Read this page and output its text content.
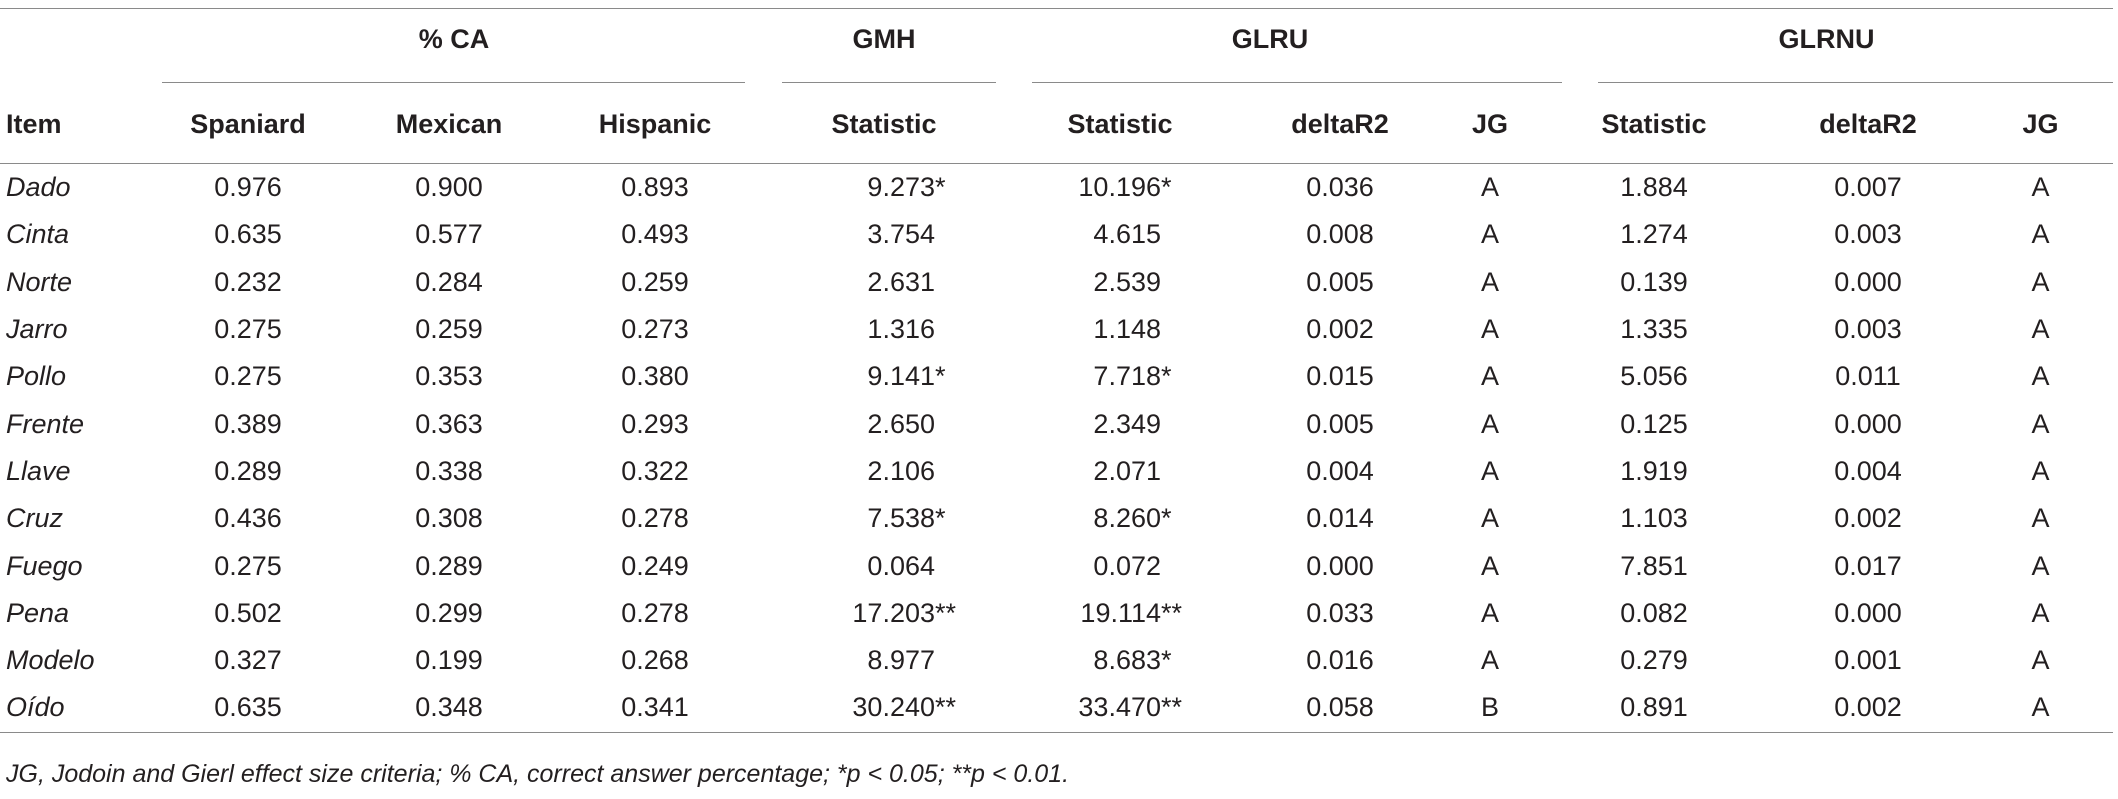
	% CA			GMH	GLRU			GLRNU		

Item	Spaniard	Mexican	Hispanic	Statistic	Statistic	deltaR2	JG	Statistic	deltaR2	JG
Dado	0.976	0.900	0.893	9.273*	10.196*	0.036	A	1.884	0.007	A
Cinta	0.635	0.577	0.493	3.754	4.615	0.008	A	1.274	0.003	A
Norte	0.232	0.284	0.259	2.631	2.539	0.005	A	0.139	0.000	A
Jarro	0.275	0.259	0.273	1.316	1.148	0.002	A	1.335	0.003	A
Pollo	0.275	0.353	0.380	9.141*	7.718*	0.015	A	5.056	0.011	A
Frente	0.389	0.363	0.293	2.650	2.349	0.005	A	0.125	0.000	A
Llave	0.289	0.338	0.322	2.106	2.071	0.004	A	1.919	0.004	A
Cruz	0.436	0.308	0.278	7.538*	8.260*	0.014	A	1.103	0.002	A
Fuego	0.275	0.289	0.249	0.064	0.072	0.000	A	7.851	0.017	A
Pena	0.502	0.299	0.278	17.203**	19.114**	0.033	A	0.082	0.000	A
Modelo	0.327	0.199	0.268	8.977	8.683*	0.016	A	0.279	0.001	A
Oído	0.635	0.348	0.341	30.240**	33.470**	0.058	B	0.891	0.002	A
JG, Jodoin and Gierl effect size criteria; % CA, correct answer percentage; *p < 0.05; **p < 0.01.
